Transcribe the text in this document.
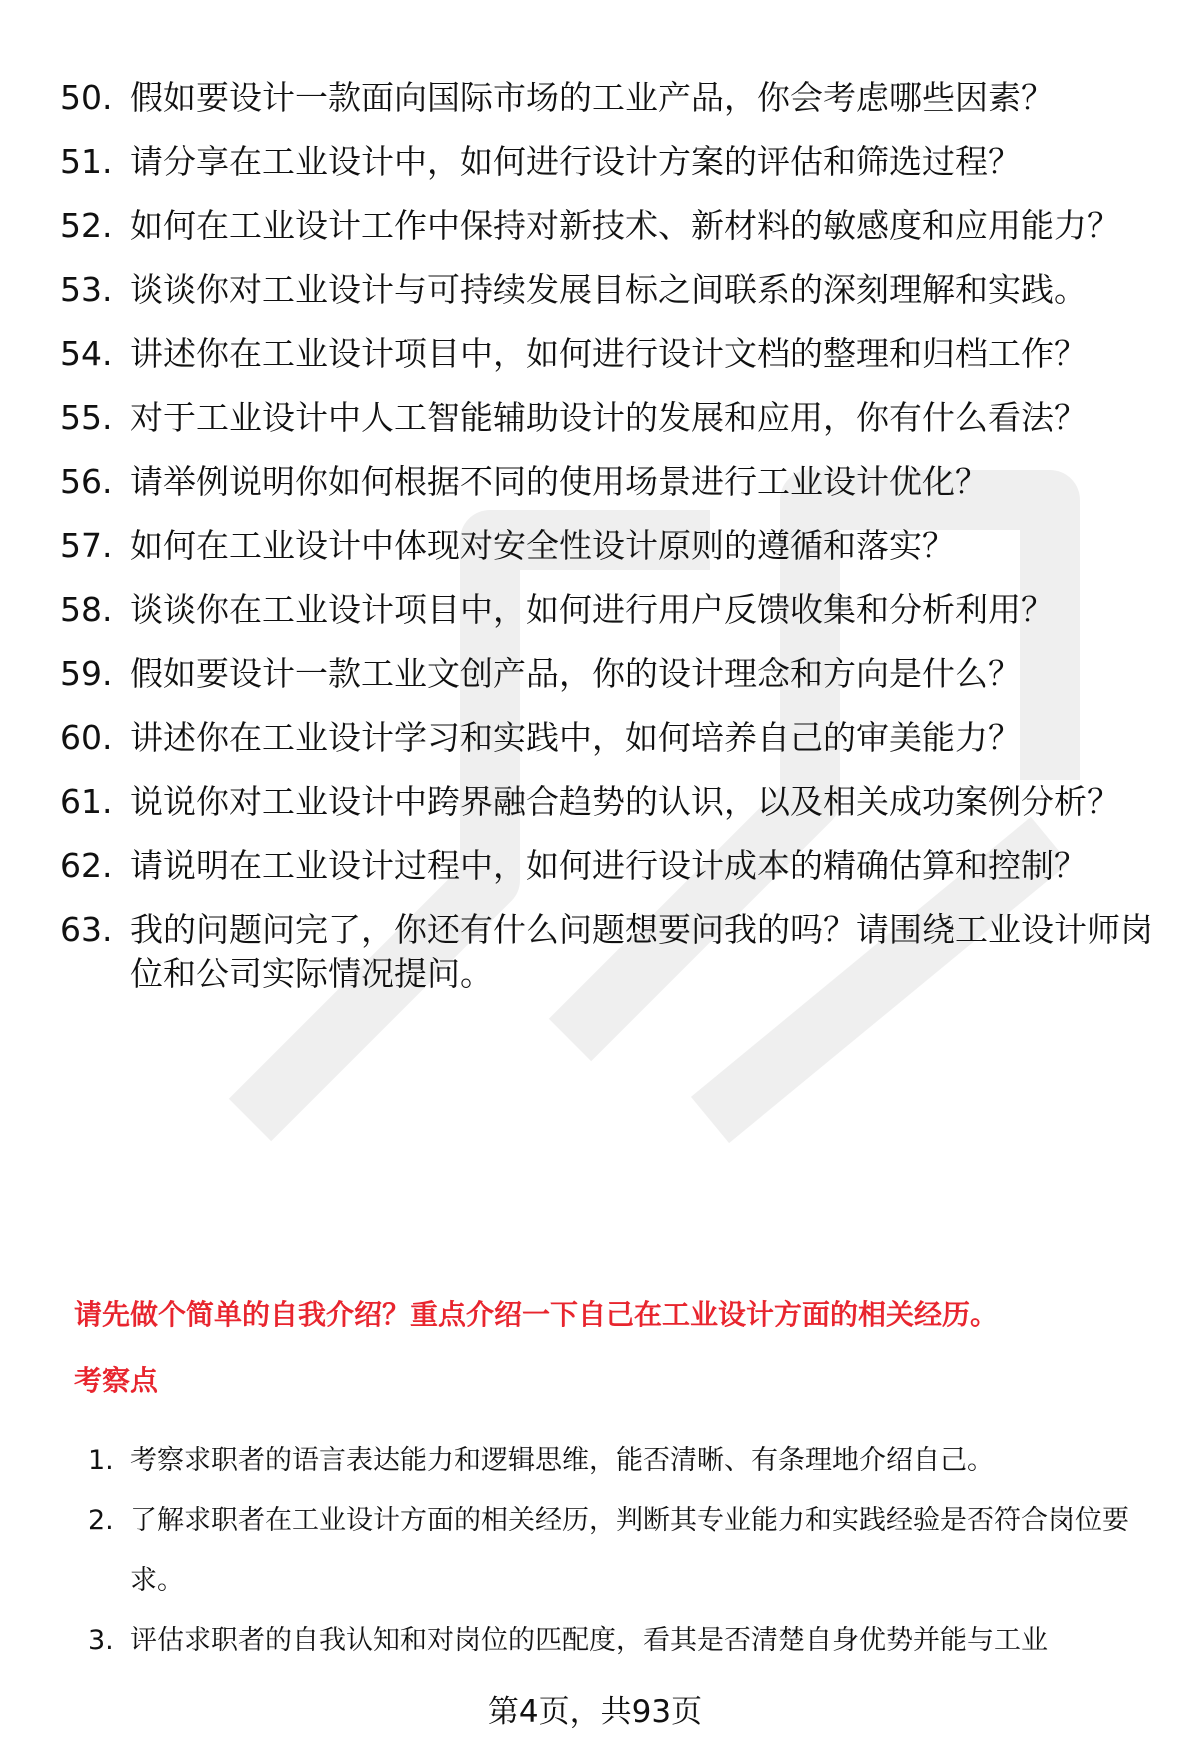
50. 假如要设计一款面向国际市场的工业产品，你会考虑哪些因素？
51. 请分享在工业设计中，如何进行设计方案的评估和筛选过程？
52. 如何在工业设计工作中保持对新技术、新材料的敏感度和应用能力？
53. 谈谈你对工业设计与可持续发展目标之间联系的深刻理解和实践。
54. 讲述你在工业设计项目中，如何进行设计文档的整理和归档工作？
55. 对于工业设计中人工智能辅助设计的发展和应用，你有什么看法？
56. 请举例说明你如何根据不同的使用场景进行工业设计优化？
57. 如何在工业设计中体现对安全性设计原则的遵循和落实？
58. 谈谈你在工业设计项目中，如何进行用户反馈收集和分析利用？
59. 假如要设计一款工业文创产品，你的设计理念和方向是什么？
60. 讲述你在工业设计学习和实践中，如何培养自己的审美能力？
61. 说说你对工业设计中跨界融合趋势的认识，以及相关成功案例分析？
62. 请说明在工业设计过程中，如何进行设计成本的精确估算和控制？
63. 我的问题问完了，你还有什么问题想要问我的吗？请围绕工业设计师岗位和公司实际情况提问。
请先做个简单的自我介绍？重点介绍一下自己在工业设计方面的相关经历。
考察点
1. 考察求职者的语言表达能力和逻辑思维，能否清晰、有条理地介绍自己。
2. 了解求职者在工业设计方面的相关经历，判断其专业能力和实践经验是否符合岗位要求。
3. 评估求职者的自我认知和对岗位的匹配度，看其是否清楚自身优势并能与工业
第4页，共93页
